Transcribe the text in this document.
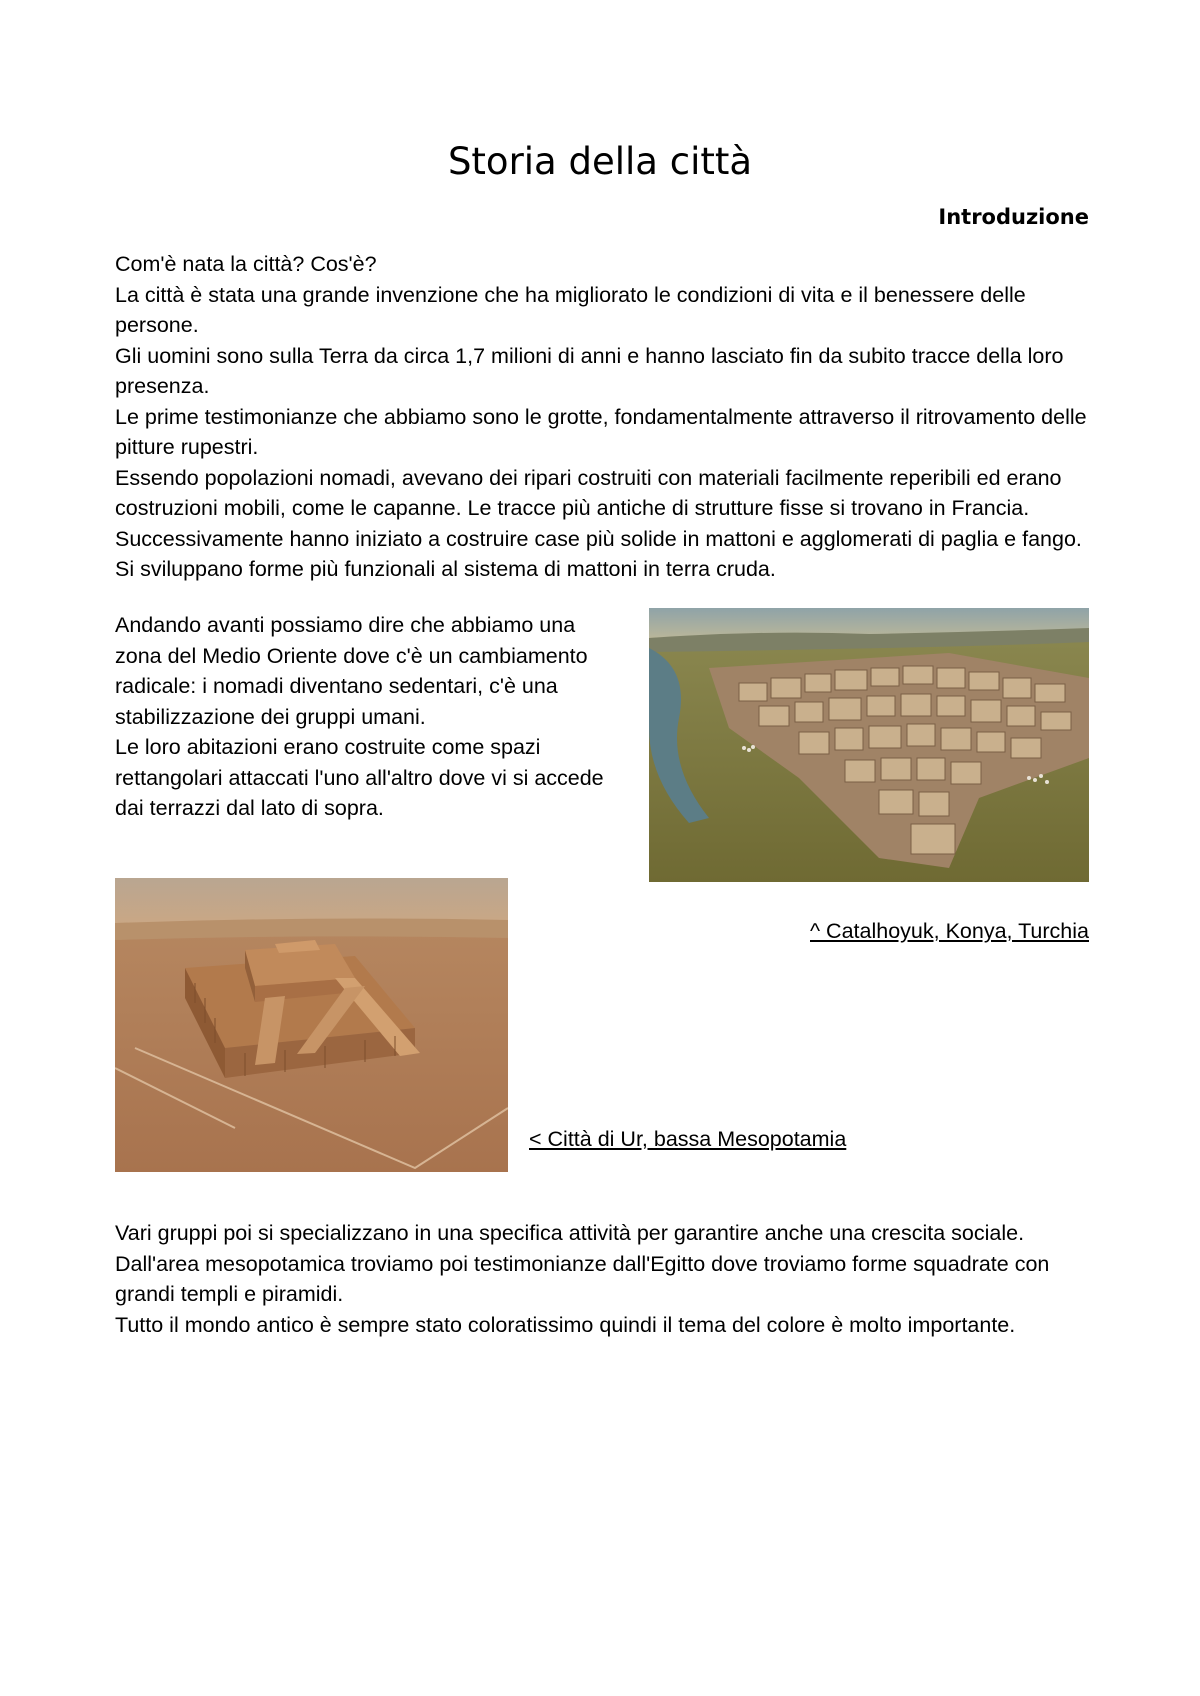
Storia della città
Introduzione

Com'è nata la città? Cos'è?

La città è stata una grande invenzione che ha migliorato le condizioni di vita e il benessere delle persone.

Gli uomini sono sulla Terra da circa 1,7 milioni di anni e hanno lasciato fin da subito tracce della loro presenza.

Le prime testimonianze che abbiamo sono le grotte, fondamentalmente attraverso il ritrovamento delle pitture rupestri.

Essendo popolazioni nomadi, avevano dei ripari costruiti con materiali facilmente reperibili ed erano costruzioni mobili, come le capanne. Le tracce più antiche di strutture fisse si trovano in Francia. Successivamente hanno iniziato a costruire case più solide in mattoni e agglomerati di paglia e fango. Si sviluppano forme più funzionali al sistema di mattoni in terra cruda.

Andando avanti possiamo dire che abbiamo una zona del Medio Oriente dove c'è un cambiamento radicale: i nomadi diventano sedentari, c'è una stabilizzazione dei gruppi umani.

Le loro abitazioni erano costruite come spazi rettangolari attaccati l'uno all'altro dove vi si accede dai terrazzi dal lato di sopra.

^ Catalhoyuk, Konya, Turchia
< Città di Ur, bassa Mesopotamia

Vari gruppi poi si specializzano in una specifica attività per garantire anche una crescita sociale.

Dall'area mesopotamica troviamo poi testimonianze dall'Egitto dove troviamo forme squadrate con grandi templi e piramidi.

Tutto il mondo antico è sempre stato coloratissimo quindi il tema del colore è molto importante.
